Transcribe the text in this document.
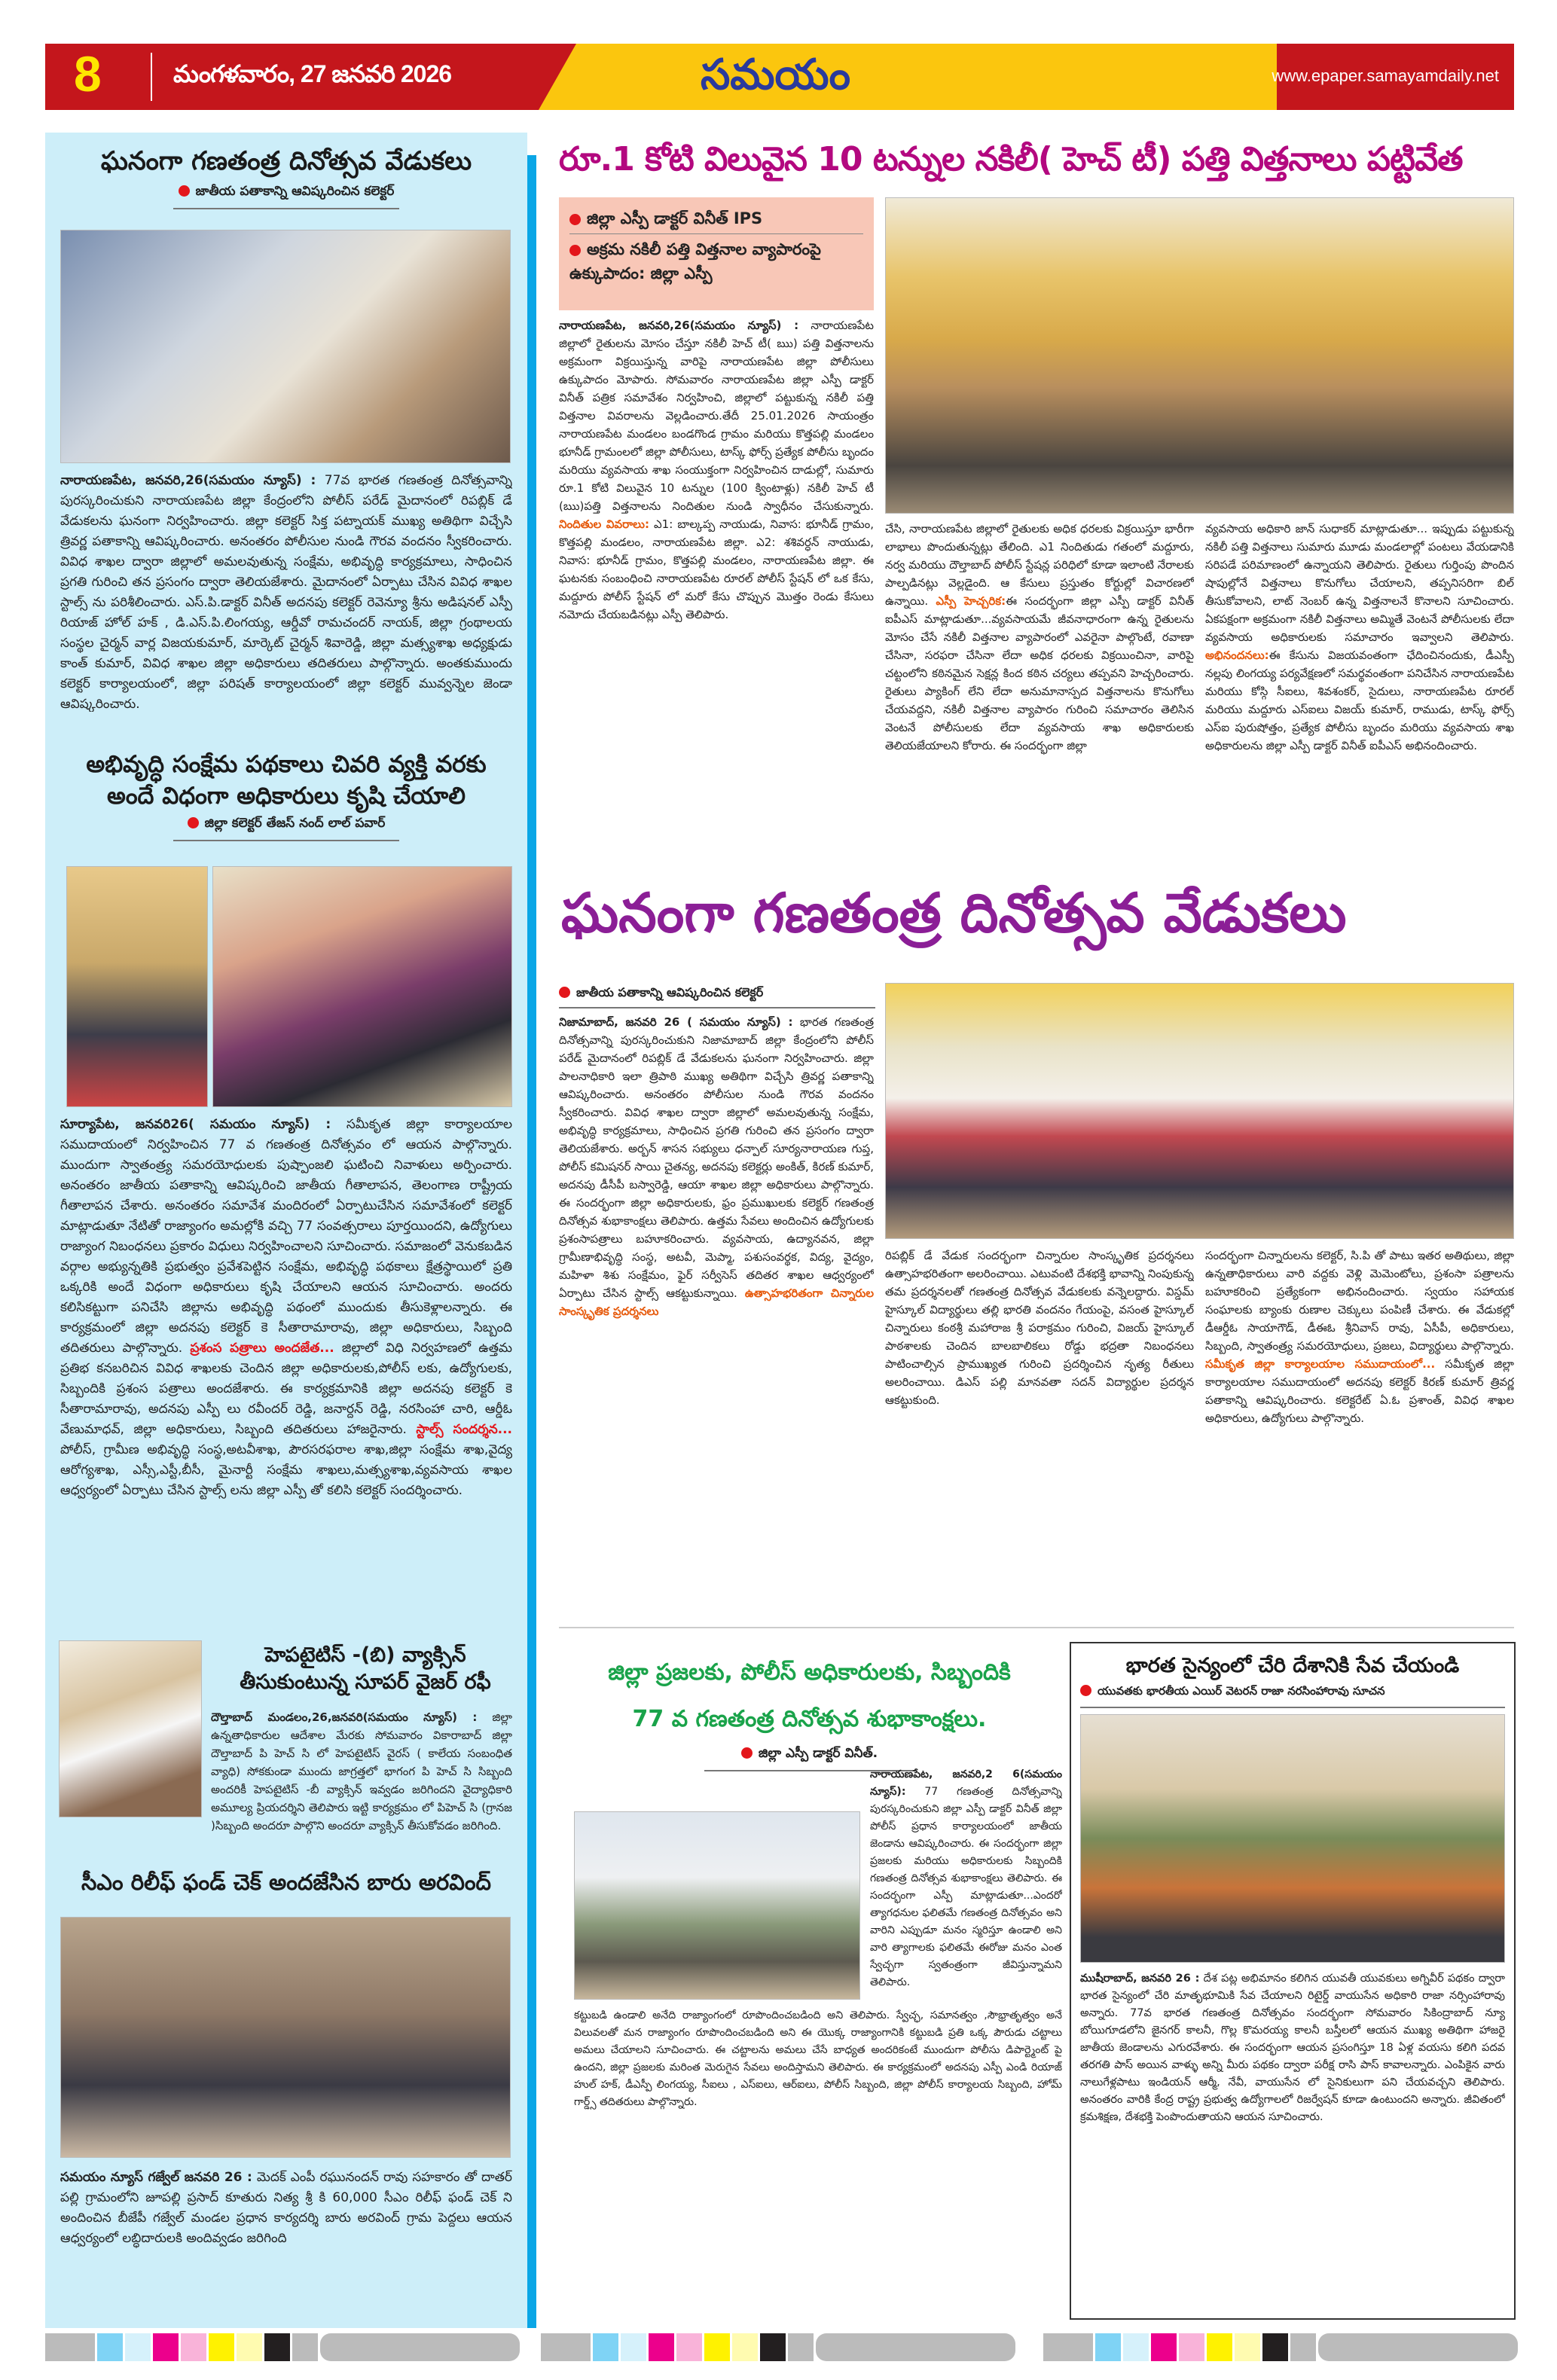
8	మంగళవారం, 27 జనవరి 2026	సమయం	www.epaper.samayamdaily.net
ఘనంగా గణతంత్ర దినోత్సవ వేడుకలు
జాతీయ పతాకాన్ని ఆవిష్కరించిన కలెక్టర్
నారాయణపేట, జనవరి,26(సమయం న్యూస్) : 77వ భారత గణతంత్ర దినోత్సవాన్ని పురస్కరించుకుని నారాయణపేట జిల్లా కేంద్రంలోని పోలీస్ పరేడ్ మైదానంలో రిపబ్లిక్ డే వేడుకలను ఘనంగా నిర్వహించారు. జిల్లా కలెక్టర్ సిక్త పట్నాయక్ ముఖ్య అతిథిగా విచ్చేసి త్రివర్ణ పతాకాన్ని ఆవిష్కరించారు. అనంతరం పోలీసుల నుండి గౌరవ వందనం స్వీకరించారు. వివిధ శాఖల ద్వారా జిల్లాలో అమలవుతున్న సంక్షేమ, అభివృద్ధి కార్యక్రమాలు, సాధించిన ప్రగతి గురించి తన ప్రసంగం ద్వారా తెలియజేశారు. మైదానంలో ఏర్పాటు చేసిన వివిధ శాఖల స్టాల్స్ ను పరిశీలించారు. ఎస్.పి.డాక్టర్ వినీత్ అదనపు కలెక్టర్ రెవెన్యూ శ్రీను అడిషనల్ ఎస్పీ రియాజ్ హోల్ హక్ , డి.ఎస్.పి.లింగయ్య, ఆర్డీవో రామచందర్ నాయక్, జిల్లా గ్రంథాలయ సంస్థల చైర్మన్ వార్ల విజయకుమార్, మార్కెట్ చైర్మన్ శివారెడ్డి, జిల్లా మత్స్యశాఖ అధ్యక్షుడు కాంత్ కుమార్, వివిధ శాఖల జిల్లా అధికారులు తదితరులు పాల్గొన్నారు. అంతకుముందు కలెక్టర్ కార్యాలయంలో, జిల్లా పరిషత్ కార్యాలయంలో జిల్లా కలెక్టర్ మువ్వన్నెల జెండా ఆవిష్కరించారు.
అభివృద్ధి సంక్షేమ పథకాలు చివరి వ్యక్తి వరకు
అందే విధంగా అధికారులు కృషి చేయాలి
జిల్లా కలెక్టర్ తేజస్ నంద్ లాల్ పవార్
సూర్యాపేట, జనవరి26( సమయం న్యూస్) : సమీకృత జిల్లా కార్యాలయాల సముదాయంలో నిర్వహించిన 77 వ గణతంత్ర దినోత్సవం లో ఆయన పాల్గొన్నారు. ముందుగా స్వాతంత్ర్య సమరయోధులకు పుష్పాంజలి ఘటించి నివాళులు అర్పించారు. అనంతరం జాతీయ పతాకాన్ని ఆవిష్కరించి జాతీయ గీతాలాపన, తెలంగాణ రాష్ట్రీయ గీతాలాపన చేశారు. అనంతరం సమావేశ మందిరంలో ఏర్పాటుచేసిన సమావేశంలో కలెక్టర్ మాట్లాడుతూ నేటితో రాజ్యాంగం అమల్లోకి వచ్చి 77 సంవత్సరాలు పూర్తయిందని, ఉద్యోగులు రాజ్యాంగ నిబంధనలు ప్రకారం విధులు నిర్వహించాలని సూచించారు. సమాజంలో వెనుకబడిన వర్గాల అభ్యున్నతికి ప్రభుత్వం ప్రవేశపెట్టిన సంక్షేమ, అభివృద్ధి పథకాలు క్షేత్రస్థాయిలో ప్రతి ఒక్కరికి అందే విధంగా అధికారులు కృషి చేయాలని ఆయన సూచించారు. అందరు కలిసికట్టుగా పనిచేసి జిల్లాను అభివృద్ధి పథంలో ముందుకు తీసుకెళ్లాలన్నారు. ఈ కార్యక్రమంలో జిల్లా అదనపు కలెక్టర్ కె సీతారామారావు, జిల్లా అధికారులు, సిబ్బంది తదితరులు పాల్గొన్నారు. ప్రశంస పత్రాలు అందజేత... జిల్లాలో విధి నిర్వహణలో ఉత్తమ ప్రతిభ కనబరిచిన వివిధ శాఖలకు చెందిన జిల్లా అధికారులకు,పోలీస్ లకు, ఉద్యోగులకు, సిబ్బందికి ప్రశంస పత్రాలు అందజేశారు. ఈ కార్యక్రమానికి జిల్లా అదనపు కలెక్టర్ కె సీతారామారావు, అదనపు ఎస్పీ లు రవీందర్ రెడ్డి, జనార్దన్ రెడ్డి, నరసింహా చారి, ఆర్డీఓ వేణుమాధవ్, జిల్లా అధికారులు, సిబ్బంది తదితరులు హాజరైనారు. స్టాల్స్ సందర్శన... పోలీస్, గ్రామీణ అభివృద్ధి సంస్థ,అటవీశాఖ, పౌరసరఫరాల శాఖ,జిల్లా సంక్షేమ శాఖ,వైద్య ఆరోగ్యశాఖ, ఎస్సీ,ఎస్టీ,బీసీ, మైనార్టీ సంక్షేమ శాఖలు,మత్స్యశాఖ,వ్యవసాయ శాఖల ఆధ్వర్యంలో ఏర్పాటు చేసిన స్టాల్స్ లను జిల్లా ఎస్పీ తో కలిసి కలెక్టర్ సందర్శించారు.
హెపటైటిస్ -(బి) వ్యాక్సిన్
తీసుకుంటున్న సూపర్ వైజర్ రఫీ
దౌల్తాబాద్ మండలం,26,జనవరి(సమయం న్యూస్) : జిల్లా ఉన్నతాధికారుల ఆదేశాల మేరకు సోమవారం వికారాబాద్ జిల్లా దౌల్తాబాద్ పి హెచ్ సి లో హెపటైటిస్ వైరస్ ( కాలేయ సంబంధిత వ్యాధి) సోకకుండా ముందు జాగ్రత్తలో భాగంగ పి హెచ్ సి సిబ్బంది అందరికీ హెపటైటిస్ -బీ వ్యాక్సిన్ ఇవ్వడం జరిగిందని వైద్యాధికారి అమూల్య ప్రియదర్శిని తెలిపారు ఇట్టి కార్యక్రమం లో పిహెచ్ సి (గ్రానజ )సిబ్బంది అందరూ పాల్గొని అందరూ వ్యాక్సిన్ తీసుకోవడం జరిగింది.
సీఎం రిలీఫ్ ఫండ్ చెక్ అందజేసిన బారు అరవింద్
సమయం న్యూస్ గజ్వేల్ జనవరి 26 : మెదక్ ఎంపీ రఘునందన్ రావు సహకారం తో దాతర్ పల్లి గ్రామంలోని జూపల్లి ప్రసాద్ కూతురు నిత్య శ్రీ కి 60,000 సీఎం రిలీఫ్ ఫండ్ చెక్ ని అందించిన బీజేపీ గజ్వేల్ మండల ప్రధాన కార్యదర్శి బారు అరవింద్ గ్రామ పెద్దలు ఆయన ఆధ్వర్యంలో లబ్ధిదారులకి అందివ్వడం జరిగింది
రూ.1 కోటి విలువైన 10 టన్నుల నకిలీ( హెచ్ టీ) పత్తి విత్తనాలు పట్టివేత
జిల్లా ఎస్పీ డాక్టర్ వినీత్ IPS
అక్రమ నకిలీ పత్తి విత్తనాల వ్యాపారంపై ఉక్కుపాదం: జిల్లా ఎస్పీ
నారాయణపేట, జనవరి,26(సమయం న్యూస్) : నారాయణపేట జిల్లాలో రైతులను మోసం చేస్తూ నకిలీ హెచ్ టీ( ఋ) పత్తి విత్తనాలను అక్రమంగా విక్రయిస్తున్న వారిపై నారాయణపేట జిల్లా పోలీసులు ఉక్కుపాదం మోపారు. సోమవారం నారాయణపేట జిల్లా ఎస్పీ డాక్టర్ వినీత్ పత్రిక సమావేశం నిర్వహించి, జిల్లాలో పట్టుకున్న నకిలీ పత్తి విత్తనాల వివరాలను వెల్లడించారు.తేదీ 25.01.2026 సాయంత్రం నారాయణపేట మండలం బండగొండ గ్రామం మరియు కొత్తపల్లి మండలం భూనీడ్ గ్రామంలలో జిల్లా పోలీసులు, టాస్క్ ఫోర్స్ ప్రత్యేక పోలీసు బృందం మరియు వ్యవసాయ శాఖ సంయుక్తంగా నిర్వహించిన దాడుల్లో, సుమారు రూ.1 కోటి విలువైన 10 టన్నుల (100 క్వింటాళ్లు) నకిలీ హెచ్ టీ (ఋ)పత్తి విత్తనాలను నిందితుల నుండి స్వాధీనం చేసుకున్నారు. నిందితుల వివరాలు: ఎ1: బాల్కప్ప నాయుడు, నివాస: భూనీడ్ గ్రామం, కొత్తపల్లి మండలం, నారాయణపేట జిల్లా. ఎ2: శశివర్ధన్ నాయుడు, నివాస: భూనీడ్ గ్రామం, కొత్తపల్లి మండలం, నారాయణపేట జిల్లా. ఈ ఘటనకు సంబంధించి నారాయణపేట రూరల్ పోలీస్ స్టేషన్ లో ఒక కేసు, మద్దూరు పోలీస్ స్టేషన్ లో మరో కేసు చొప్పున మొత్తం రెండు కేసులు నమోదు చేయబడినట్లు ఎస్పీ తెలిపారు.
చేసి, నారాయణపేట జిల్లాలో రైతులకు అధిక ధరలకు విక్రయిస్తూ భారీగా లాభాలు పొందుతున్నట్లు తేలింది. ఎ1 నిందితుడు గతంలో మద్దూరు, నర్వ మరియు దౌల్తాబాద్ పోలీస్ స్టేషన్ల పరిధిలో కూడా ఇలాంటి నేరాలకు పాల్పడినట్లు వెల్లడైంది. ఆ కేసులు ప్రస్తుతం కోర్టుల్లో విచారణలో ఉన్నాయి. ఎస్పీ హెచ్చరిక:ఈ సందర్భంగా జిల్లా ఎస్పీ డాక్టర్ వినీత్ ఐపీఎస్ మాట్లాడుతూ...వ్యవసాయమే జీవనాధారంగా ఉన్న రైతులను మోసం చేసే నకిలీ విత్తనాల వ్యాపారంలో ఎవరైనా పాల్గొంటే, రవాణా చేసినా, సరఫరా చేసినా లేదా అధిక ధరలకు విక్రయించినా, వారిపై చట్టంలోని కఠినమైన సెక్షన్ల కింద కఠిన చర్యలు తప్పవని హెచ్చరించారు. రైతులు ప్యాకింగ్ లేని లేదా అనుమానాస్పద విత్తనాలను కొనుగోలు చేయవద్దని, నకిలీ విత్తనాల వ్యాపారం గురించి సమాచారం తెలిసిన వెంటనే పోలీసులకు లేదా వ్యవసాయ శాఖ అధికారులకు తెలియజేయాలని కోరారు. ఈ సందర్భంగా జిల్లా
వ్యవసాయ అధికారి జాన్ సుధాకర్ మాట్లాడుతూ... ఇప్పుడు పట్టుకున్న నకిలీ పత్తి విత్తనాలు సుమారు మూడు మండలాల్లో పంటలు వేయడానికి సరిపడే పరిమాణంలో ఉన్నాయని తెలిపారు. రైతులు గుర్తింపు పొందిన షాపుల్లోనే విత్తనాలు కొనుగోలు చేయాలని, తప్పనిసరిగా బిల్ తీసుకోవాలని, లాట్ నెంబర్ ఉన్న విత్తనాలనే కొనాలని సూచించారు. ఏకపక్షంగా అక్రమంగా నకిలీ విత్తనాలు అమ్మితే వెంటనే పోలీసులకు లేదా వ్యవసాయ అధికారులకు సమాచారం ఇవ్వాలని తెలిపారు. అభినందనలు:ఈ కేసును విజయవంతంగా ఛేదించినందుకు, డీఎస్పీ నల్లపు లింగయ్య పర్యవేక్షణలో సమర్థవంతంగా పనిచేసిన నారాయణపేట మరియు కోస్గి సీఐలు, శివశంకర్, సైదులు, నారాయణపేట రూరల్ మరియు మద్దూరు ఎస్ఐలు విజయ్ కుమార్, రాముడు, టాస్క్ ఫోర్స్ ఎస్ఐ పురుషోత్తం, ప్రత్యేక పోలీసు బృందం మరియు వ్యవసాయ శాఖ అధికారులను జిల్లా ఎస్పీ డాక్టర్ వినీత్ ఐపీఎస్ అభినందించారు.
ఘనంగా గణతంత్ర దినోత్సవ వేడుకలు
జాతీయ పతాకాన్ని ఆవిష్కరించిన కలెక్టర్
నిజామాబాద్, జనవరి 26 ( సమయం న్యూస్) : భారత గణతంత్ర దినోత్సవాన్ని పురస్కరించుకుని నిజామాబాద్ జిల్లా కేంద్రంలోని పోలీస్ పరేడ్ మైదానంలో రిపబ్లిక్ డే వేడుకలను ఘనంగా నిర్వహించారు. జిల్లా పాలనాధికారి ఇలా త్రిపాఠి ముఖ్య అతిథిగా విచ్చేసి త్రివర్ణ పతాకాన్ని ఆవిష్కరించారు. అనంతరం పోలీసుల నుండి గౌరవ వందనం స్వీకరించారు. వివిధ శాఖల ద్వారా జిల్లాలో అమలవుతున్న సంక్షేమ, అభివృద్ధి కార్యక్రమాలు, సాధించిన ప్రగతి గురించి తన ప్రసంగం ద్వారా తెలియజేశారు. అర్బన్ శాసన సభ్యులు ధన్పాల్ సూర్యనారాయణ గుప్త, పోలీస్ కమిషనర్ సాయి చైతన్య, అదనపు కలెక్టర్లు అంకిత్, కిరణ్ కుమార్, అదనపు డీసీపీ బస్వారెడ్డి, ఆయా శాఖల జిల్లా అధికారులు పాల్గొన్నారు. ఈ సందర్భంగా జిల్లా అధికారులకు, ఫ్రం ప్రముఖులకు కలెక్టర్ గణతంత్ర దినోత్సవ శుభాకాంక్షలు తెలిపారు. ఉత్తమ సేవలు అందించిన ఉద్యోగులకు ప్రశంసాపత్రాలు బహూకరించారు. వ్యవసాయ, ఉద్యానవన, జిల్లా గ్రామీణాభివృద్ధి సంస్థ, అటవీ, మెప్మా, పశుసంవర్థక, విద్య, వైద్యం, మహిళా శిశు సంక్షేమం, ఫైర్ సర్వీసెస్ తదితర శాఖల ఆధ్వర్యంలో ఏర్పాటు చేసిన స్టాల్స్ ఆకట్టుకున్నాయి. ఉత్సాహభరితంగా చిన్నారుల సాంస్కృతిక ప్రదర్శనలు
రిపబ్లిక్ డే వేడుక సందర్భంగా చిన్నారుల సాంస్కృతిక ప్రదర్శనలు ఉత్సాహభరితంగా అలరించాయి. ఎటువంటి దేశభక్తి భావాన్ని నింపుకున్న తమ ప్రదర్శనలతో గణతంత్ర దినోత్సవ వేడుకలకు వన్నెలద్దారు. విస్డమ్ హైస్కూల్ విద్యార్థులు తల్లి భారతి వందనం గేయంపై, వసంత హైస్కూల్ చిన్నారులు కంఠశ్రీ మహారాజ శ్రీ పరాక్రమం గురించి, విజయ్ హైస్కూల్ పాఠశాలకు చెందిన బాలబాలికలు రోడ్డు భద్రతా నిబంధనలు పాటించాల్సిన ప్రాముఖ్యత గురించి ప్రదర్శించిన నృత్య రీతులు అలరించాయి. డిఎస్ పల్లి మానవతా సదన్ విద్యార్థుల ప్రదర్శన ఆకట్టుకుంది.
సందర్భంగా చిన్నారులను కలెక్టర్, సి.పి తో పాటు ఇతర అతిథులు, జిల్లా ఉన్నతాధికారులు వారి వద్దకు వెళ్లి మెమెంటోలు, ప్రశంసా పత్రాలను బహూకరించి ప్రత్యేకంగా అభినందించారు. స్వయం సహాయక సంఘాలకు బ్యాంకు రుణాల చెక్కులు పంపిణీ చేశారు. ఈ వేడుకల్లో డీఆర్డీఓ సాయాగౌడ్, డీఈఓ శ్రీనివాస్ రావు, ఏసీపీ, అధికారులు, సిబ్బంది, స్వాతంత్ర్య సమరయోధులు, ప్రజలు, విద్యార్థులు పాల్గొన్నారు. సమీకృత జిల్లా కార్యాలయాల సముదాయంలో... సమీకృత జిల్లా కార్యాలయాల సముదాయంలో అదనపు కలెక్టర్ కిరణ్ కుమార్ త్రివర్ణ పతాకాన్ని ఆవిష్కరించారు. కలెక్టరేట్ ఏ.ఓ ప్రశాంత్, వివిధ శాఖల అధికారులు, ఉద్యోగులు పాల్గొన్నారు.
జిల్లా ప్రజలకు, పోలీస్ అధికారులకు, సిబ్బందికి
77 వ గణతంత్ర దినోత్సవ శుభాకాంక్షలు.
జిల్లా ఎస్పీ డాక్టర్ వినీత్.
నారాయణపేట, జనవరి,2 6(సమయం న్యూస్): 77 గణతంత్ర దినోత్సవాన్ని పురస్కరించుకుని జిల్లా ఎస్పీ డాక్టర్ వినీత్ జిల్లా పోలీస్ ప్రధాన కార్యాలయంలో జాతీయ జెండాను ఆవిష్కరించారు. ఈ సందర్భంగా జిల్లా ప్రజలకు మరియు అధికారులకు సిబ్బందికి గణతంత్ర దినోత్సవ శుభాకాంక్షలు తెలిపారు. ఈ సందర్భంగా ఎస్పీ మాట్లాడుతూ...ఎందరో త్యాగధనుల ఫలితమే గణతంత్ర దినోత్సవం అని వారిని ఎప్పుడూ మనం స్మరిస్తూ ఉండాలి అని వారి త్యాగాలకు ఫలితమే ఈరోజు మనం ఎంత స్వేచ్ఛగా స్వతంత్రంగా జీవిస్తున్నామని తెలిపారు.
కట్టుబడి ఉండాలి అనేది రాజ్యాంగంలో రూపొందించబడింది అని తెలిపారు. స్వేచ్ఛ, సమానత్వం ,సౌభ్రాతృత్వం అనే విలువలతో మన రాజ్యాంగం రూపొందించబడింది అని ఈ యొక్క రాజ్యాంగానికి కట్టుబడి ప్రతి ఒక్క పౌరుడు చట్టాలు అమలు చేయాలని సూచించారు. ఈ చట్టాలను అమలు చేసే బాధ్యత అందరికంటే ముందుగా పోలీసు డిపార్ట్మెంట్ పై ఉందని, జిల్లా ప్రజలకు మరింత మెరుగైన సేవలు అందిస్తామని తెలిపారు. ఈ కార్యక్రమంలో అదనపు ఎస్పీ ఎండి రియాజ్ హుల్ హక్, డీఎస్పీ లింగయ్య, సీఐలు , ఎస్ఐలు, ఆర్ఐలు, పోలీస్ సిబ్బంది, జిల్లా పోలీస్ కార్యాలయ సిబ్బంది, హోమ్ గార్డ్స్ తదితరులు పాల్గొన్నారు.
భారత సైన్యంలో చేరి దేశానికి సేవ చేయండి
యువతకు భారతీయ ఎయిర్ వెటరన్ రాజా నరసింహారావు సూచన
ముషీరాబాద్, జనవరి 26 : దేశ పట్ల అభిమానం కలిగిన యువతీ యువకులు అగ్నివీర్ పథకం ద్వారా భారత సైన్యంలో చేరి మాతృభూమికి సేవ చేయాలని రిటైర్డ్ వాయుసేన అధికారి రాజా నర్సింహారావు అన్నారు. 77వ భారత గణతంత్ర దినోత్సవం సందర్భంగా సోమవారం సికింద్రాబాద్ న్యూ బోయిగూడలోని జైనగర్ కాలనీ, గొల్ల కొమరయ్య కాలనీ బస్తీలలో ఆయన ముఖ్య అతిథిగా హాజరై జాతీయ జెండాలను ఎగురవేశారు. ఈ సందర్భంగా ఆయన ప్రసంగిస్తూ 18 ఏళ్ల వయసు కలిగి పదవ తరగతి పాస్ అయిన వాళ్ళు అన్ని మీరు పథకం ద్వారా పరీక్ష రాసి పాస్ కావాలన్నారు. ఎంపికైన వారు నాలుగేళ్లపాటు ఇండియన్ ఆర్మీ, నేవీ, వాయుసేన లో సైనికులుగా పని చేయవచ్చని తెలిపారు. అనంతరం వారికి కేంద్ర రాష్ట్ర ప్రభుత్వ ఉద్యోగాలలో రిజర్వేషన్ కూడా ఉంటుందని అన్నారు. జీవితంలో క్రమశిక్షణ, దేశభక్తి పెంపొందుతాయని ఆయన సూచించారు.
